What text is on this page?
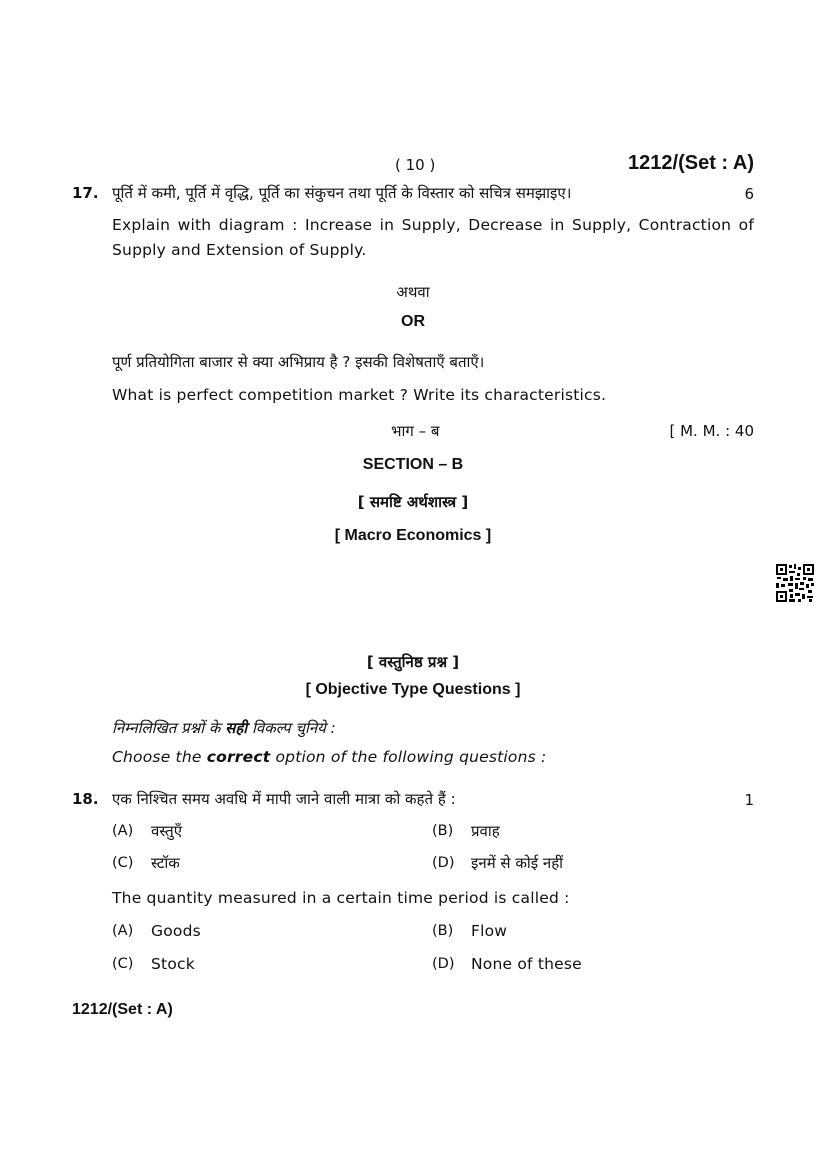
( 10 )	1212/(Set : A)
17. पूर्ति में कमी, पूर्ति में वृद्धि, पूर्ति का संकुचन तथा पूर्ति के विस्तार को सचित्र समझाइए।	6
Explain with diagram : Increase in Supply, Decrease in Supply, Contraction of Supply and Extension of Supply.
अथवा
OR
पूर्ण प्रतियोगिता बाजार से क्या अभिप्राय है ? इसकी विशेषताएँ बताएँ।
What is perfect competition market ? Write its characteristics.
भाग – ब	[ M. M. : 40
SECTION – B
[ समष्टि अर्थशास्त्र ]
[ Macro Economics ]
[ वस्तुनिष्ठ प्रश्न ]
[ Objective Type Questions ]
निम्नलिखित प्रश्नों के सही विकल्प चुनिये :
Choose the correct option of the following questions :
18. एक निश्चित समय अवधि में मापी जाने वाली मात्रा को कहते हैं :	1
(A) वस्तुएँ	(B) प्रवाह
(C) स्टॉक	(D) इनमें से कोई नहीं
The quantity measured in a certain time period is called :
(A) Goods	(B) Flow
(C) Stock	(D) None of these
1212/(Set : A)
